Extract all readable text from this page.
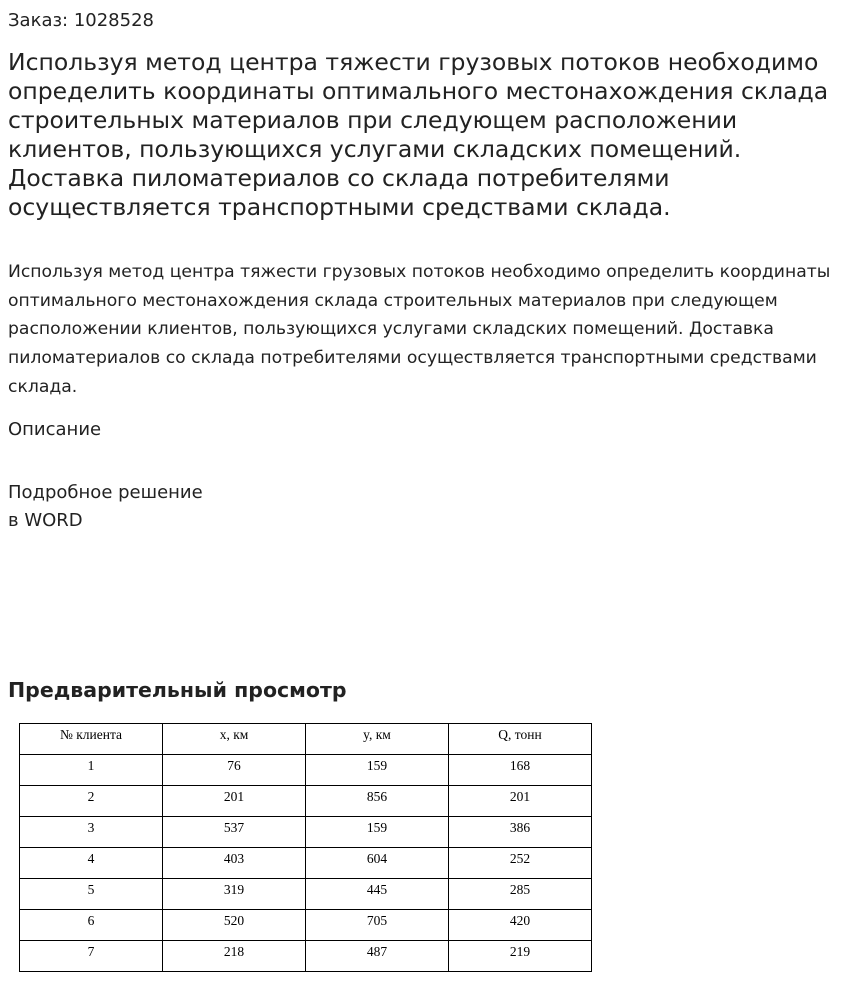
Заказ: 1028528
Используя метод центра тяжести грузовых потоков необходимо определить координаты оптимального местонахождения склада строительных материалов при следующем расположении клиентов, пользующихся услугами складских помещений. Доставка пиломатериалов со склада потребителями осуществляется транспортными средствами склада.

Используя метод центра тяжести грузовых потоков необходимо определить координаты оптимального местонахождения склада строительных материалов при следующем расположении клиентов, пользующихся услугами складских помещений. Доставка пиломатериалов со склада потребителями осуществляется транспортными средствами склада.

Описание
Подробное решение
в WORD
Предварительный просмотр
№ клиента	x, км	y, км	Q, тонн
1	76	159	168
2	201	856	201
3	537	159	386
4	403	604	252
5	319	445	285
6	520	705	420
7	218	487	219
